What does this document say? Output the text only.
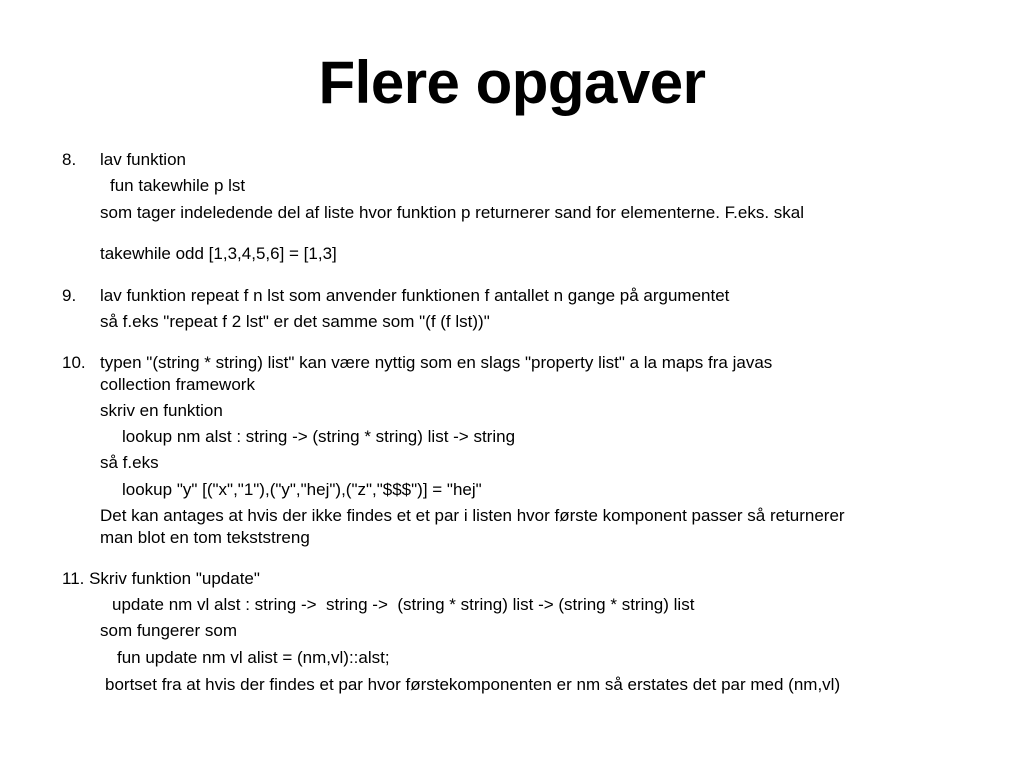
Flere opgaver
8. lav funktion
fun takewhile p lst
som tager indeledende del af liste hvor funktion p returnerer sand for elementerne. F.eks. skal
takewhile odd [1,3,4,5,6] = [1,3]
9. lav funktion repeat f n lst som anvender funktionen f antallet n gange på argumentet
så f.eks "repeat f 2 lst" er det samme som "(f (f lst))"
10. typen "(string * string) list" kan være nyttig som en slags "property list" a la maps fra javas
collection framework
skriv en funktion
lookup nm alst : string -> (string * string) list -> string
så f.eks
lookup "y" [("x","1"),("y","hej"),("z","$$$")] = "hej"
Det kan antages at hvis der ikke findes et et par i listen hvor første komponent passer så returnerer
man blot en tom tekststreng
11. Skriv funktion "update"
update nm vl alst : string ->  string ->  (string * string) list -> (string * string) list
som fungerer som
fun update nm vl alist = (nm,vl)::alst;
bortset fra at hvis der findes et par hvor førstekomponenten er nm så erstates det par med (nm,vl)
